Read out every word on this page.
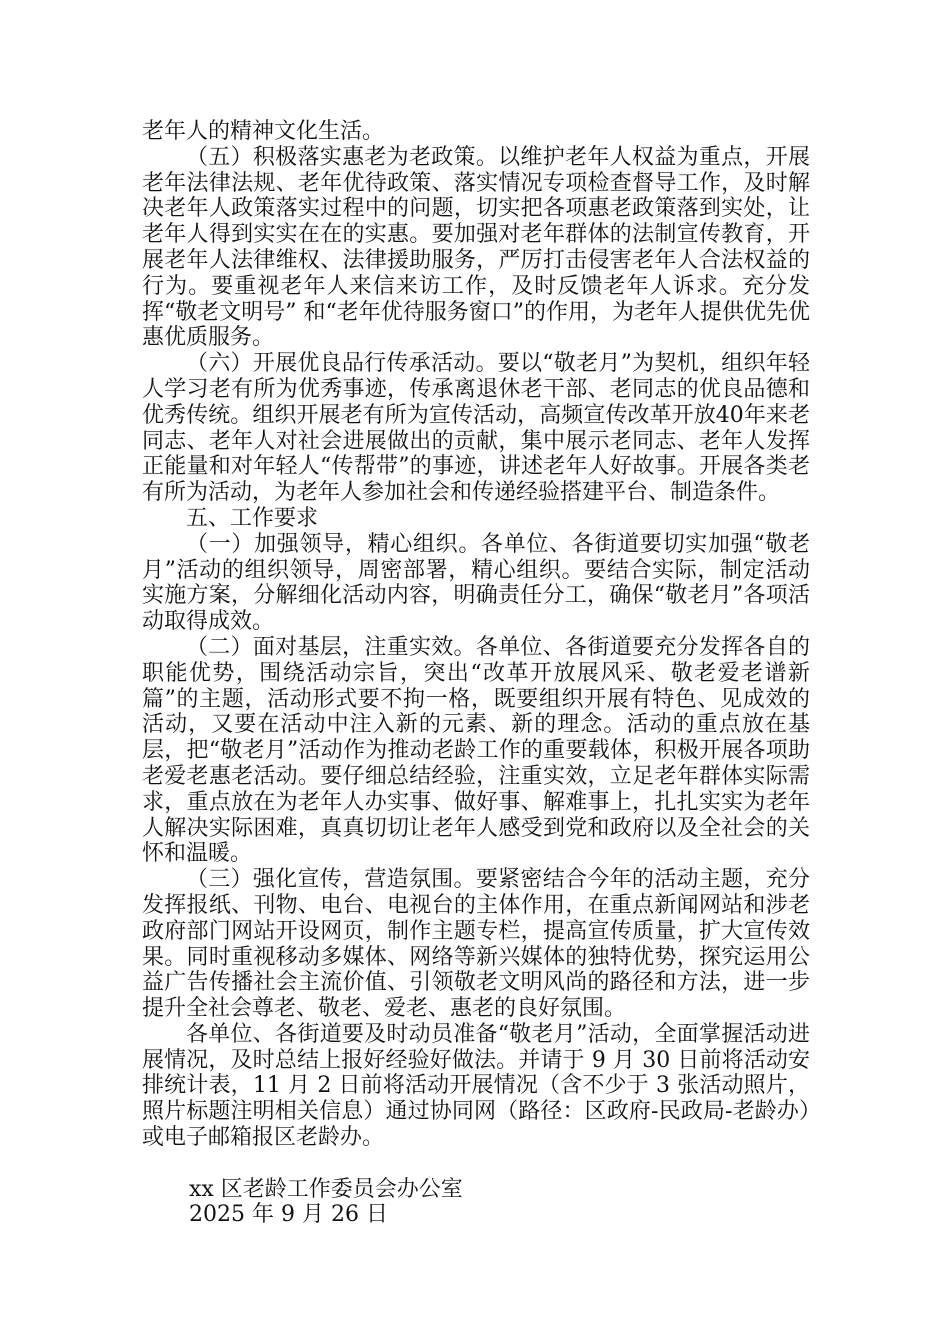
老年人的精神文化生活。

（五）积极落实惠老为老政策。以维护老年人权益为重点，开展老年法律法规、老年优待政策、落实情况专项检查督导工作，及时解决老年人政策落实过程中的问题，切实把各项惠老政策落到实处，让老年人得到实实在在的实惠。要加强对老年群体的法制宣传教育，开展老年人法律维权、法律援助服务，严厉打击侵害老年人合法权益的行为。要重视老年人来信来访工作，及时反馈老年人诉求。充分发挥“敬老文明号” 和“老年优待服务窗口”的作用，为老年人提供优先优惠优质服务。

（六）开展优良品行传承活动。要以“敬老月”为契机，组织年轻人学习老有所为优秀事迹，传承离退休老干部、老同志的优良品德和优秀传统。组织开展老有所为宣传活动，高频宣传改革开放40年来老同志、老年人对社会进展做出的贡献，集中展示老同志、老年人发挥正能量和对年轻人“传帮带”的事迹，讲述老年人好故事。开展各类老有所为活动，为老年人参加社会和传递经验搭建平台、制造条件。

五、工作要求

（一）加强领导，精心组织。各单位、各街道要切实加强“敬老月”活动的组织领导，周密部署，精心组织。要结合实际，制定活动实施方案，分解细化活动内容，明确责任分工，确保“敬老月”各项活动取得成效。

（二）面对基层，注重实效。各单位、各街道要充分发挥各自的职能优势，围绕活动宗旨，突出“改革开放展风采、敬老爱老谱新篇”的主题，活动形式要不拘一格，既要组织开展有特色、见成效的活动，又要在活动中注入新的元素、新的理念。活动的重点放在基层，把“敬老月”活动作为推动老龄工作的重要载体，积极开展各项助老爱老惠老活动。要仔细总结经验，注重实效，立足老年群体实际需求，重点放在为老年人办实事、做好事、解难事上，扎扎实实为老年人解决实际困难，真真切切让老年人感受到党和政府以及全社会的关怀和温暖。

（三）强化宣传，营造氛围。要紧密结合今年的活动主题，充分发挥报纸、刊物、电台、电视台的主体作用，在重点新闻网站和涉老政府部门网站开设网页，制作主题专栏，提高宣传质量，扩大宣传效果。同时重视移动多媒体、网络等新兴媒体的独特优势，探究运用公益广告传播社会主流价值、引领敬老文明风尚的路径和方法，进一步提升全社会尊老、敬老、爱老、惠老的良好氛围。

各单位、各街道要及时动员准备“敬老月”活动，全面掌握活动进展情况，及时总结上报好经验好做法。并请于 9 月 30 日前将活动安排统计表，11 月 2 日前将活动开展情况（含不少于 3 张活动照片，照片标题注明相关信息）通过协同网（路径：区政府-民政局-老龄办）或电子邮箱报区老龄办。

xx 区老龄工作委员会办公室

2025 年 9 月 26 日
